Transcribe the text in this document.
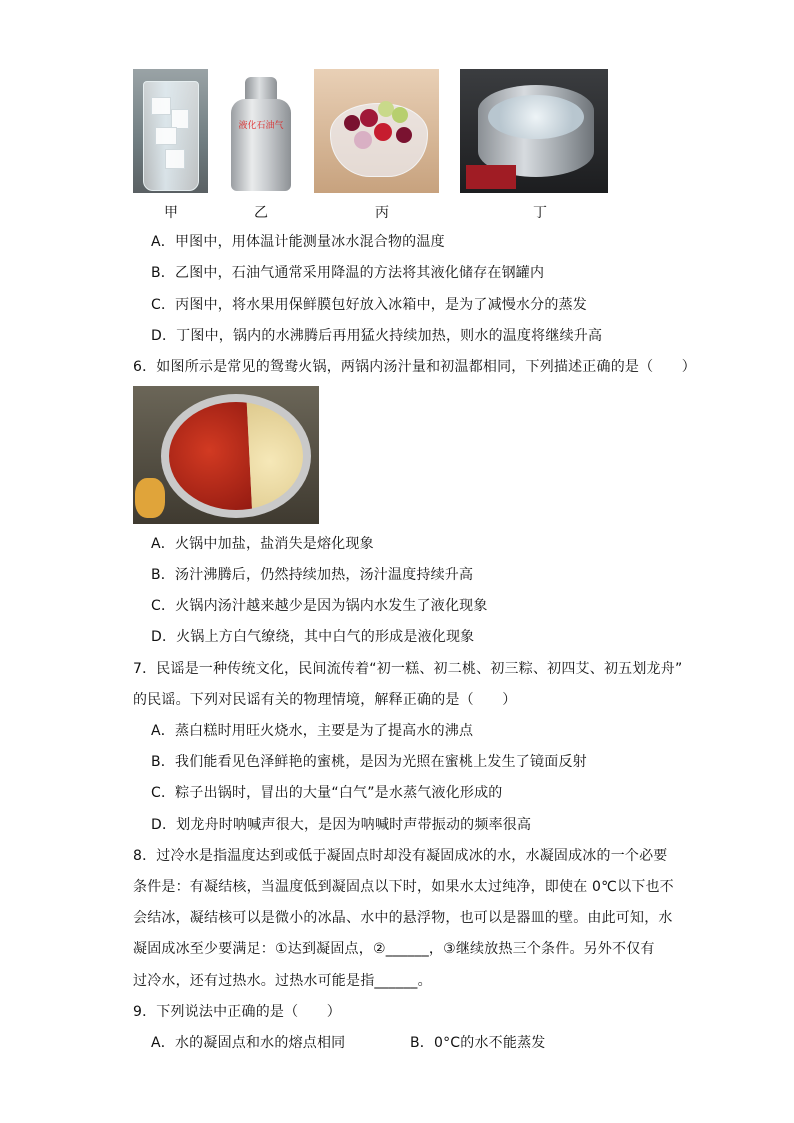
液化石油气
甲	乙	丙	丁
A．甲图中，用体温计能测量冰水混合物的温度
B．乙图中，石油气通常采用降温的方法将其液化储存在钢罐内
C．丙图中，将水果用保鲜膜包好放入冰箱中，是为了减慢水分的蒸发
D．丁图中，锅内的水沸腾后再用猛火持续加热，则水的温度将继续升高
6．如图所示是常见的鸳鸯火锅，两锅内汤汁量和初温都相同，下列描述正确的是（　　）
A．火锅中加盐，盐消失是熔化现象
B．汤汁沸腾后，仍然持续加热，汤汁温度持续升高
C．火锅内汤汁越来越少是因为锅内水发生了液化现象
D．火锅上方白气缭绕，其中白气的形成是液化现象
7．民谣是一种传统文化，民间流传着“初一糕、初二桃、初三粽、初四艾、初五划龙舟”
的民谣。下列对民谣有关的物理情境，解释正确的是（　　）
A．蒸白糕时用旺火烧水，主要是为了提高水的沸点
B．我们能看见色泽鲜艳的蜜桃，是因为光照在蜜桃上发生了镜面反射
C．粽子出锅时，冒出的大量“白气”是水蒸气液化形成的
D．划龙舟时呐喊声很大，是因为呐喊时声带振动的频率很高
8．过冷水是指温度达到或低于凝固点时却没有凝固成冰的水，水凝固成冰的一个必要
条件是：有凝结核，当温度低到凝固点以下时，如果水太过纯净，即使在 0℃以下也不
会结冰，凝结核可以是微小的冰晶、水中的悬浮物，也可以是器皿的壁。由此可知，水
凝固成冰至少要满足：①达到凝固点，②______，③继续放热三个条件。另外不仅有
过冷水，还有过热水。过热水可能是指______。
9．下列说法中正确的是（　　）
A．水的凝固点和水的熔点相同	B．0°C的水不能蒸发
